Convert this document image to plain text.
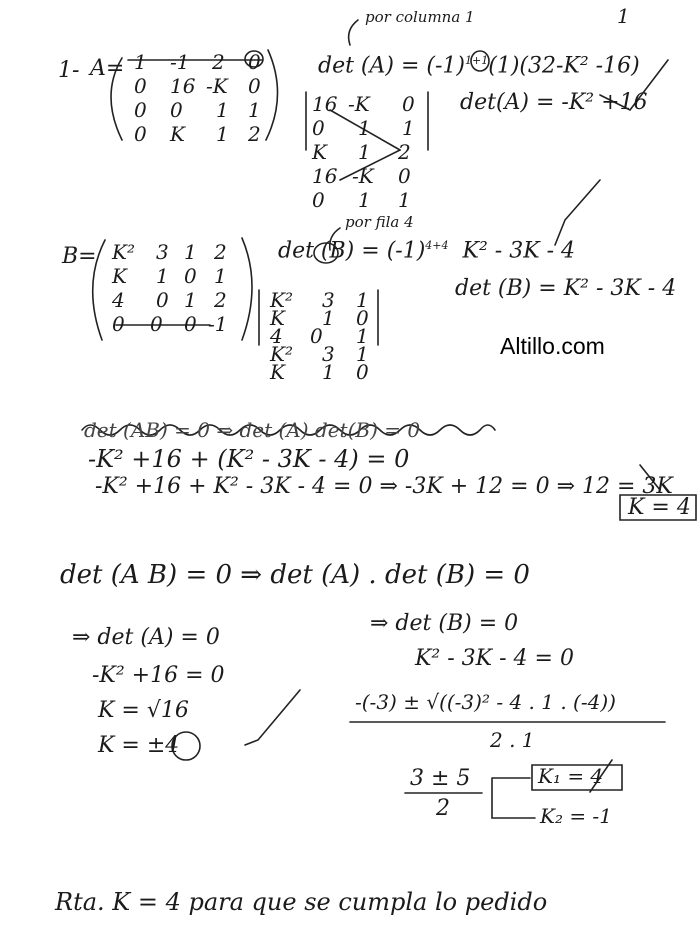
1
por columna 1
1- A= 1 -1 2 0
0 16 -K 0
0 0 1 1
0 K 1 2
$\det (A) = (-1)^{1+1}(1)(32-K^2$ -16)
det(A) = -K² +16
16 -K 0
0 1 1
K 1 2
16 -K 0
0 1 1
B= K² 3 1 2
K 1 0 1
4 0 1 2
0 0 0 -1
por fila 4
$\det (B) = (-1)^{4+4}$ K² - 3K - 4
det (B) = K² - 3K - 4
K² 3 1
K 1 0
4 0 1
K² 3 1
K 1 0
Altillo.com
det (AB) = 0 ⇒ det (A) det(B) = 0
-K² +16 + (K² - 3K - 4) = 0
-K² +16 + K² - 3K - 4 = 0 ⇒ -3K + 12 = 0 ⇒ 12 = 3K
K = 4
det (A B) = 0 ⇒ det (A) . det (B) = 0
⇒ det (A) = 0
-K² +16 = 0
K = √16
K = ±4
⇒ det (B) = 0
K² - 3K - 4 = 0
-(-3) ± √((-3)² - 4 . 1 . (-4))
2 . 1
3 ± 5
2
K₁ = 4
K₂ = -1
Rta. K = 4 para que se cumpla lo pedido
